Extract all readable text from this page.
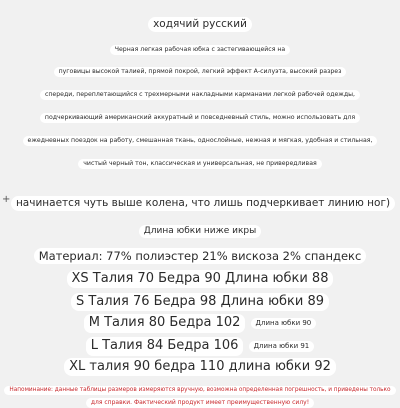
ходячий русский
Черная легкая рабочая юбка с застегивающейся на
пуговицы высокой талией, прямой покрой, легкий эффект А-силуэта, высокий разрез
спереди, переплетающийся с трехмерными накладными карманами легкой рабочей одежды,
подчеркивающий американский аккуратный и повседневный стиль, можно использовать для
ежедневных поездок на работу, смешанная ткань, однослойные, нежная и мягкая, удобная и стильная,
чистый черный тон, классическая и универсальная, не привередливая
+ начинается чуть выше колена, что лишь подчеркивает линию ног)
Длина юбки ниже икры
Материал: 77% полиэстер 21% вискоза 2% спандекс
XS Талия 70 Бедра 90 Длина юбки 88
S Талия 76 Бедра 98 Длина юбки 89
M Талия 80 Бедра 102 Длина юбки 90
L Талия 84 Бедра 106 Длина юбки 91
XL талия 90 бедра 110 длина юбки 92
Напоминание: данные таблицы размеров измеряются вручную, возможна определенная погрешность, и приведены только
для справки. Фактический продукт имеет преимущественную силу!
